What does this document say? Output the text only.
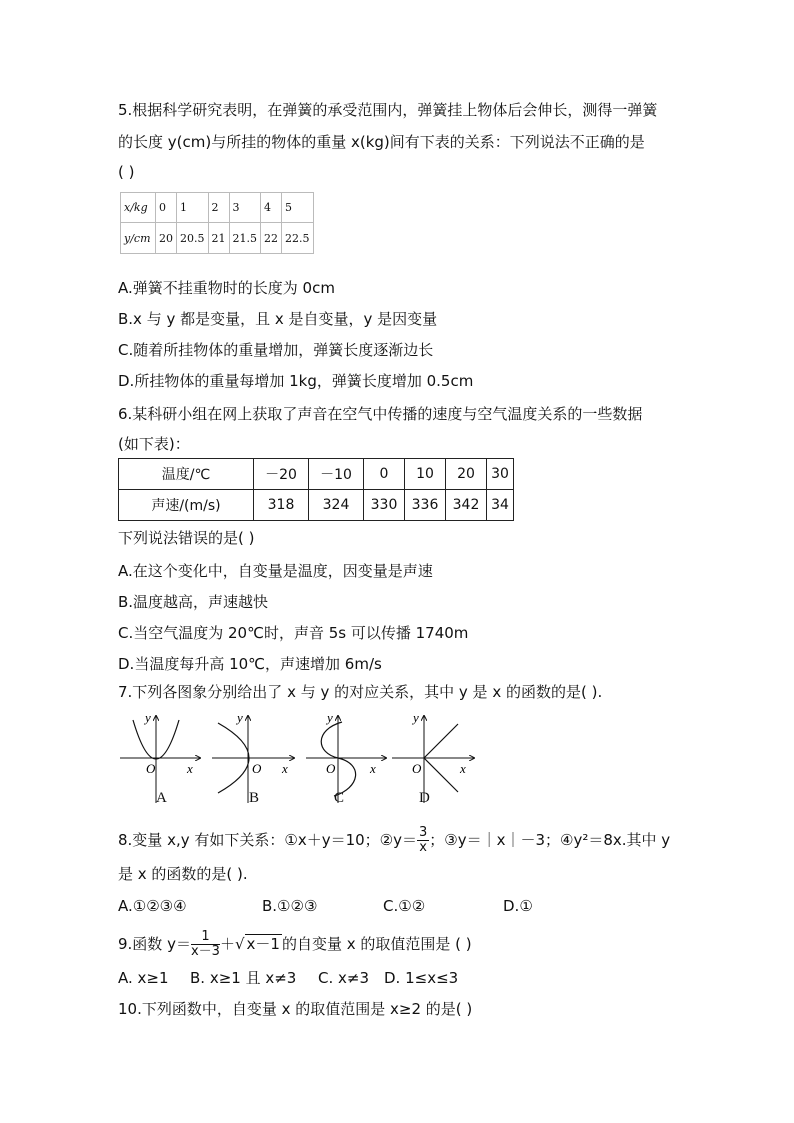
5.根据科学研究表明，在弹簧的承受范围内，弹簧挂上物体后会伸长，测得一弹簧
的长度 y(cm)与所挂的物体的重量 x(kg)间有下表的关系：下列说法不正确的是
( )
x/kg	0	1	2	3	4	5
y/cm	20	20.5	21	21.5	22	22.5
A.弹簧不挂重物时的长度为 0cm
B.x 与 y 都是变量，且 x 是自变量，y 是因变量
C.随着所挂物体的重量增加，弹簧长度逐渐边长
D.所挂物体的重量每增加 1kg，弹簧长度增加 0.5cm
6.某科研小组在网上获取了声音在空气中传播的速度与空气温度关系的一些数据
(如下表)：
温度/℃	－20	－10	0	10	20	30
声速/(m/s)	318	324	330	336	342	34
下列说法错误的是( )
A.在这个变化中，自变量是温度，因变量是声速
B.温度越高，声速越快
C.当空气温度为 20℃时，声音 5s 可以传播 1740m
D.当温度每升高 10℃，声速增加 6m/s
7.下列各图象分别给出了 x 与 y 的对应关系，其中 y 是 x 的函数的是( ).
y
O x
y
O x
y
O	x
y
O	x
A	B	C	D
8.变量 x,y 有如下关系：①x＋y＝10；②y＝ $\frac{3}{x}$ ；③y＝｜x｜－3；④y²＝8x.其中 y
是 x 的函数的是( ).
A.①②③④	B.①②③	C.①②	D.①
9.函数 $y= \frac{1}{x-3}$ ＋√ x－1 的自变量 x 的取值范围是 ( )
A. x≥1 B. x≥1 且 x≠3 C. x≠3 D. 1≤x≤3
10.下列函数中，自变量 x 的取值范围是 x≥2 的是( )
